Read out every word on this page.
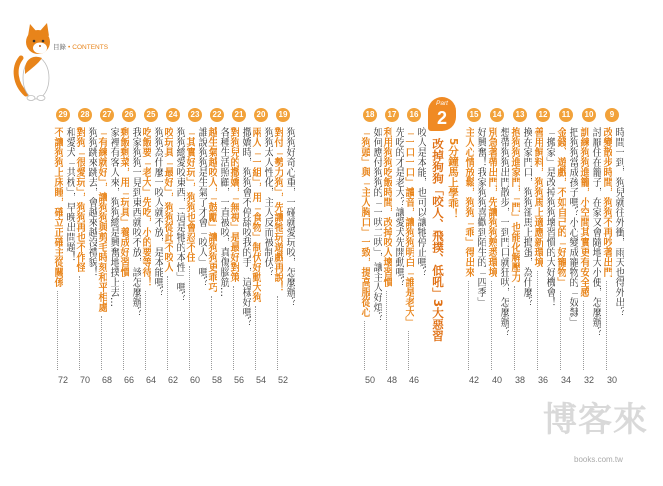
目錄 • CONTENTS
Part
2
5分鐘馬上學乖！
改掉狗狗「咬人、飛撲、低吼」3大惡習
9
時間一到，狗兒就往外衝，雨天也得外出？
改變散步時間，狗狗不再吵著出門
30
10
討厭住在籠子，在家又會隨地大小便，怎麼辦？
訓練狗狗進籠，小空間其實更有安全感
32
11
把狗狗當成孩子嗎？小心變成寵物的「奴隸」
金錢、遊戲，不如自己的「好寵物」
34
12
「搬家」是改掉狗狗壞習慣的大好機會！
善用飼料，狗狗馬上適應新環境
36
13
換在家門口，狗狗卻馬上搗蛋，為什麼？
抱狗狗進家門，「門」也能化解壓力
38
14
想帶狗狗出門散步，一到門口就狂吠，怎麼辦？
別急著帶出門，先讓狗狗熟悉環境
40
15
好興奮！我家狗狗喜歡到陌生的「四季」
主人心情放鬆，狗狗「乖」得出來
42
16
咬人是本能，也可以讓牠停止嗎？
「一口一口」讀音，讓狗狗明白「誰是老大」
46
17
先吃的才是老大？讓愛犬先開動嗎？
利用狗狗吃飯時間，改掉咬人壞習慣
48
18
如何應付狗狗的「一吠二吠」，讓主人好煩？
「狗頭」與「主人胸口」一致，提高服從心
50
19
狗狗好奇心重，一碰就愛玩咬，怎麼辦？
對付「勢力狗」，先讓牠玩遊戲再說！
52
20
狗狗太人性化，主人反而被制伏？
兩人「一組」，用「食物」制伏好動大狗
54
21
撒嬌時，狗狗會不停舔咬我的手，這樣好嗎？
對狗兒的撒嬌，「無視」是最好對策
56
22
各種生活照顧，一直被咬，真傷腦筋…
越生氣越咬人，「鼓勵」讓狗狗更乖巧
58
23
誰說狗狗是生氣了才會「咬人」嗎？
「其實好玩」，狗狗也會忍不住
60
24
狗狗總愛咬東西，「這是牠的本性」嗎？
咬玩具「最好」，狗狗從此不咬人
62
25
狗狗為什麼一咬人就不放，是本能嗎？
吃飯要「老大」先吃，小的要等待！
64
26
我家狗狗一見到東西就咬不放，該怎麼辦？
剩飯剩菜，用「玩具」養成好習慣
66
27
家裡有客人來，狗狗總是興奮地撲上去…
「有練就好」，讓狗狗與剪毛時刻和平相處
68
28
狗狗跳來跳去，會越來越沒禮貌！
對狗「很愛玩」，狗狗再也不作怪
70
29
和愛犬「共枕」，早晚出問題！
不讓狗狗上床睡，確立正確主從關係
72
博客來
books.com.tw
